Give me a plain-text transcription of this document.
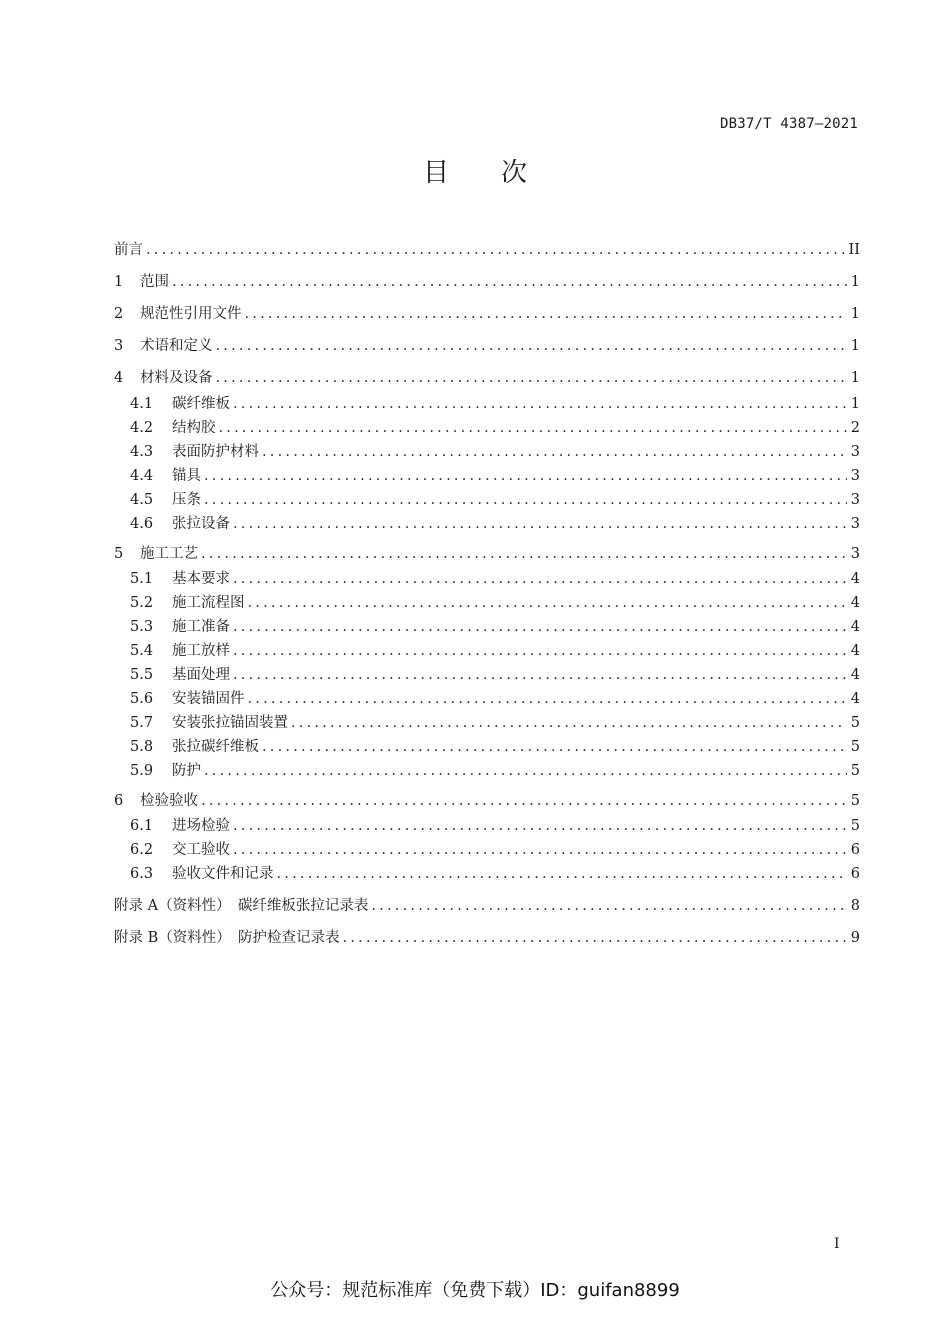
DB37/T 4387—2021
目 次
前言 .....	II
1	范围 .....	1
2	规范性引用文件 .....	1
3	术语和定义 .....	1
4	材料及设备 .....	1
4.1	碳纤维板 .....	1
4.2	结构胶 .....	2
4.3	表面防护材料 .....	3
4.4	锚具 .....	3
4.5	压条 .....	3
4.6	张拉设备 .....	3
5	施工工艺 .....	3
5.1	基本要求 .....	4
5.2	施工流程图 .....	4
5.3	施工准备 .....	4
5.4	施工放样 .....	4
5.5	基面处理 .....	4
5.6	安装锚固件 .....	4
5.7	安装张拉锚固装置 .....	5
5.8	张拉碳纤维板 .....	5
5.9	防护 .....	5
6	检验验收 .....	5
6.1	进场检验 .....	5
6.2	交工验收 .....	6
6.3	验收文件和记录 .....	6
附录 A（资料性）　碳纤维板张拉记录表 .....	8
附录 B（资料性）　防护检查记录表 .....	9
I
公众号：规范标准库（免费下载）ID：guifan8899
